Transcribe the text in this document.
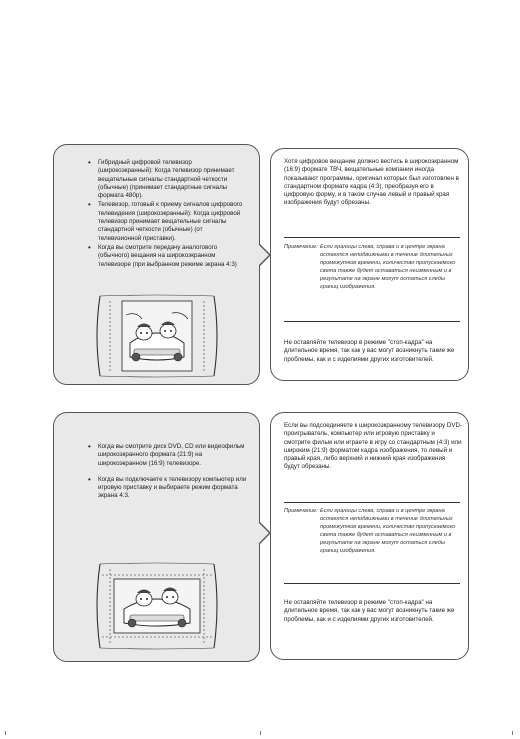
• Гибридный цифровой телевизор (широкоэкранный): Когда телевизор принимает вещательные сигналы стандартной четкости (обычные) (принимает стандартные сигналы формата 480р).
• Телевизор, готовый к приему сигналов цифрового телевидения (широкоэкранный): Когда цифровой телевизор принимает вещательные сигналы стандартной четкости (обычные) (от телевизионной приставки).
• Когда вы смотрите передачу аналогового (обычного) вещания на широкоэкранном телевизоре (при выбранном режиме экрана 4:3)
Хотя цифровое вещание должно вестись в широкоэкранном (16:9) формате ТВЧ, вещательные компании иногда показывают программы, оригинал которых был изготовлен в стандартном формате кадра (4:3), преобразуя его в цифровую форму, и в таком случае левый и правый края изображения будут обрезаны.
Примечание: Если границы слева, справа и в центре экрана остаются неподвижными в течение длительных промежутков времени, количество пропускаемого света также будет оставаться неизменным и в результате на экране могут остаться следы границ изображения.
Не оставляйте телевизор в режиме "стоп-кадра" на длительное время, так как у вас могут возникнуть такие же проблемы, как и с изделиями других изготовителей.
• Когда вы смотрите диск DVD, CD или видеофильм широкоэкранного формата (21:9) на широкоэкранном (16:9) телевизоре.
• Когда вы подключаете к телевизору компьютер или игровую приставку и выбираете режим формата экрана 4:3.
Если вы подсоединяете к широкоэкранному телевизору DVD-проигрыватель, компьютер или игровую приставку и смотрите фильм или играете в игру со стандартным (4:3) или широким (21:9) форматом кадра изображения, то левый и правый края, либо верхний и нижний края изображения будут обрезаны.
Примечание: Если границы слева, справа и в центре экрана остаются неподвижными в течение длительных промежутков времени, количество пропускаемого света также будет оставаться неизменным и в результате на экране могут остаться следы границ изображения.
Не оставляйте телевизор в режиме "стоп-кадра" на длительное время, так как у вас могут возникнуть такие же проблемы, как и с изделиями других изготовителей.
